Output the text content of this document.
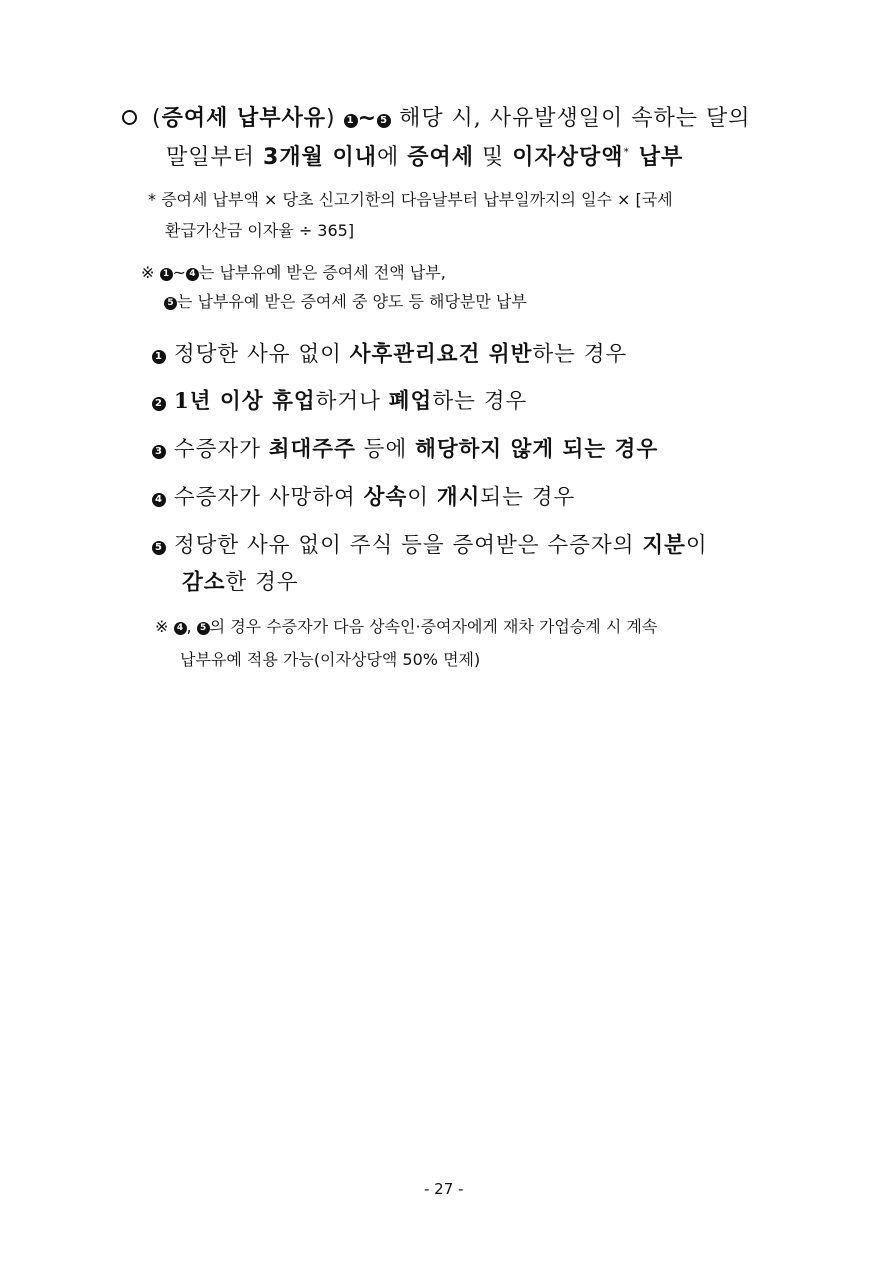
(증여세 납부사유) 1 ~ 5 해당 시, 사유발생일이 속하는 달의
말일부터 3개월 이내에 증여세 및 이자상당액* 납부
* 증여세 납부액 × 당초 신고기한의 다음날부터 납부일까지의 일수 × [국세
환급가산금 이자율 ÷ 365]
※ 1 ~ 4 는 납부유예 받은 증여세 전액 납부,
5 는 납부유예 받은 증여세 중 양도 등 해당분만 납부
1 정당한 사유 없이 사후관리요건 위반하는 경우
2 1년 이상 휴업하거나 폐업하는 경우
3 수증자가 최대주주 등에 해당하지 않게 되는 경우
4 수증자가 사망하여 상속이 개시되는 경우
5 정당한 사유 없이 주식 등을 증여받은 수증자의 지분이
감소한 경우
※ 4 , 5 의 경우 수증자가 다음 상속인·증여자에게 재차 가업승계 시 계속
납부유예 적용 가능(이자상당액 50% 면제)
- 27 -
